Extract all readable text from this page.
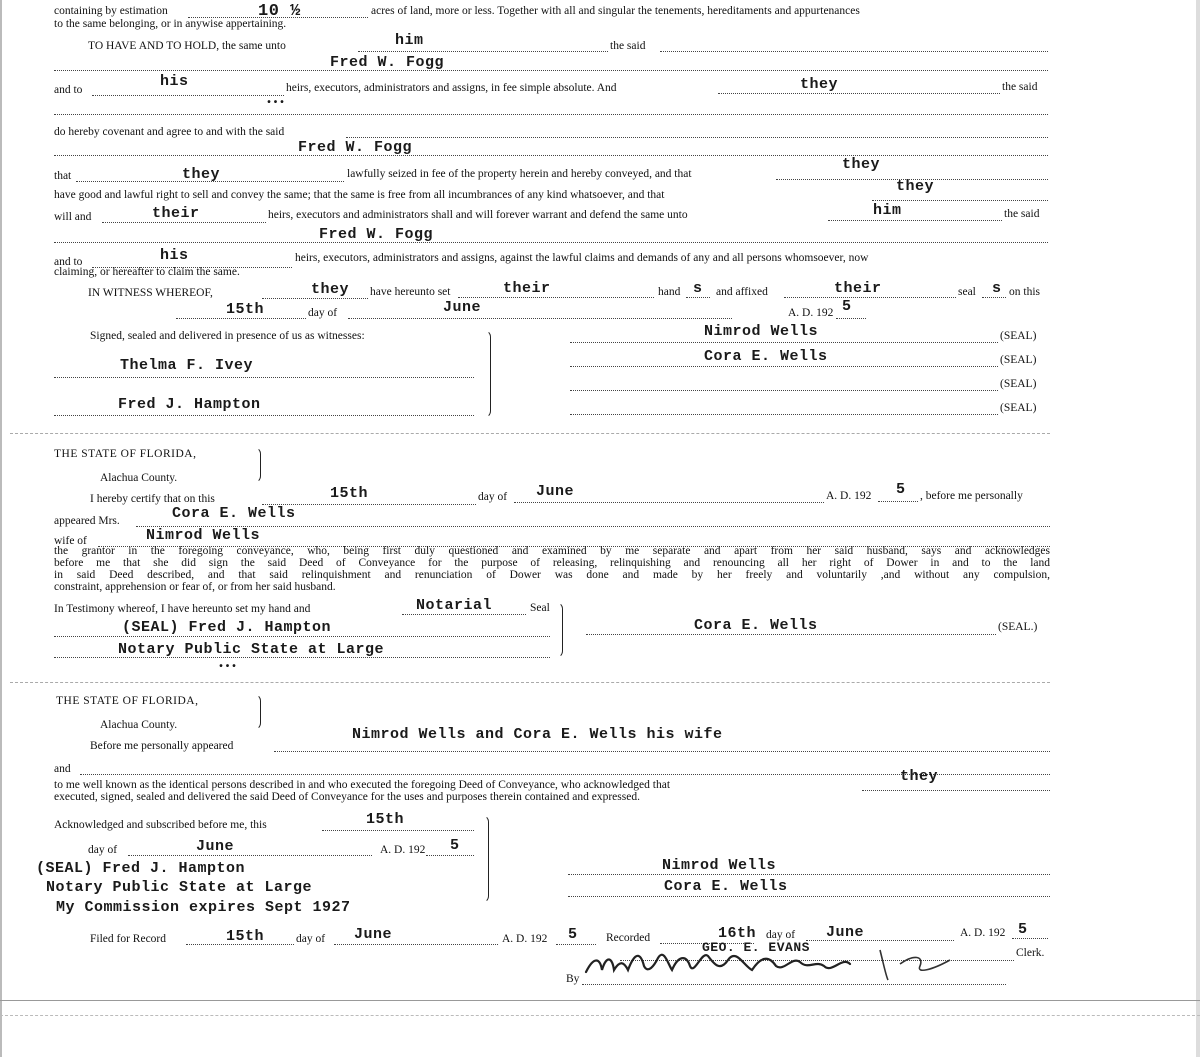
containing by estimation	10 ½	acres of land, more or less. Together with all and singular the tenements, hereditaments and appurtenances
to the same belonging, or in anywise appertaining.
TO HAVE AND TO HOLD, the same unto	him	the said
Fred W. Fogg
and to	his	heirs, executors, administrators and assigns, in fee simple absolute. And	they	the said
•••
do hereby covenant and agree to and with the said
Fred W. Fogg
that	they	lawfully seized in fee of the property herein and hereby conveyed, and that
they
have good and lawful right to sell and convey the same; that the same is free from all incumbrances of any kind whatsoever, and that	they
will and	their	heirs, executors and administrators shall and will forever warrant and defend the same unto	him	the said
Fred W. Fogg
and to	his	heirs, executors, administrators and assigns, against the lawful claims and demands of any and all persons whomsoever, now
claiming, or hereafter to claim the same.
IN WITNESS WHEREOF,	they have hereunto set	their	hand s and affixed	their	seal s on this
15th	day of	June	A. D. 192 5
Signed, sealed and delivered in presence of us as witnesses:
Thelma F. Ivey
Fred J. Hampton
Nimrod Wells	(SEAL)
Cora E. Wells	(SEAL)
(SEAL)
(SEAL)
THE STATE OF FLORIDA,
Alachua County.
I hereby certify that on this	15th	day of June	A. D. 192 5 , before me personally
appeared Mrs.	Cora E. Wells
wife of	Nimrod Wells
the grantor in the foregoing conveyance, who, being first duly questioned and examined by me separate and apart from her said husband, says and acknowledges
before me that she did sign the said Deed of Conveyance for the purpose of releasing, relinquishing and renouncing all her right of Dower in and to the land
in said Deed described, and that said relinquishment and renunciation of Dower was done and made by her freely and voluntarily ,and without any compulsion,
constraint, apprehension or fear of, or from her said husband.
In Testimony whereof, I have hereunto set my hand and	Notarial	Seal
(SEAL) Fred J. Hampton
Notary Public State at Large
Cora E. Wells	(SEAL.)
•••
THE STATE OF FLORIDA,
Alachua County.
Before me personally appeared
Nimrod Wells and Cora E. Wells his wife
and
to me well known as the identical persons described in and who executed the foregoing Deed of Conveyance, who acknowledged that	they
executed, signed, sealed and delivered the said Deed of Conveyance for the uses and purposes therein contained and expressed.
Acknowledged and subscribed before me, this	15th
day of	June	A. D. 192 5
(SEAL) Fred J. Hampton
Notary Public State at Large
My Commission expires Sept 1927
Nimrod Wells
Cora E. Wells
Filed for Record	15th	day of June	A. D. 192 5 Recorded	16th day of June	A. D. 192 5
GEO. E. EVANS	Clerk.
By
